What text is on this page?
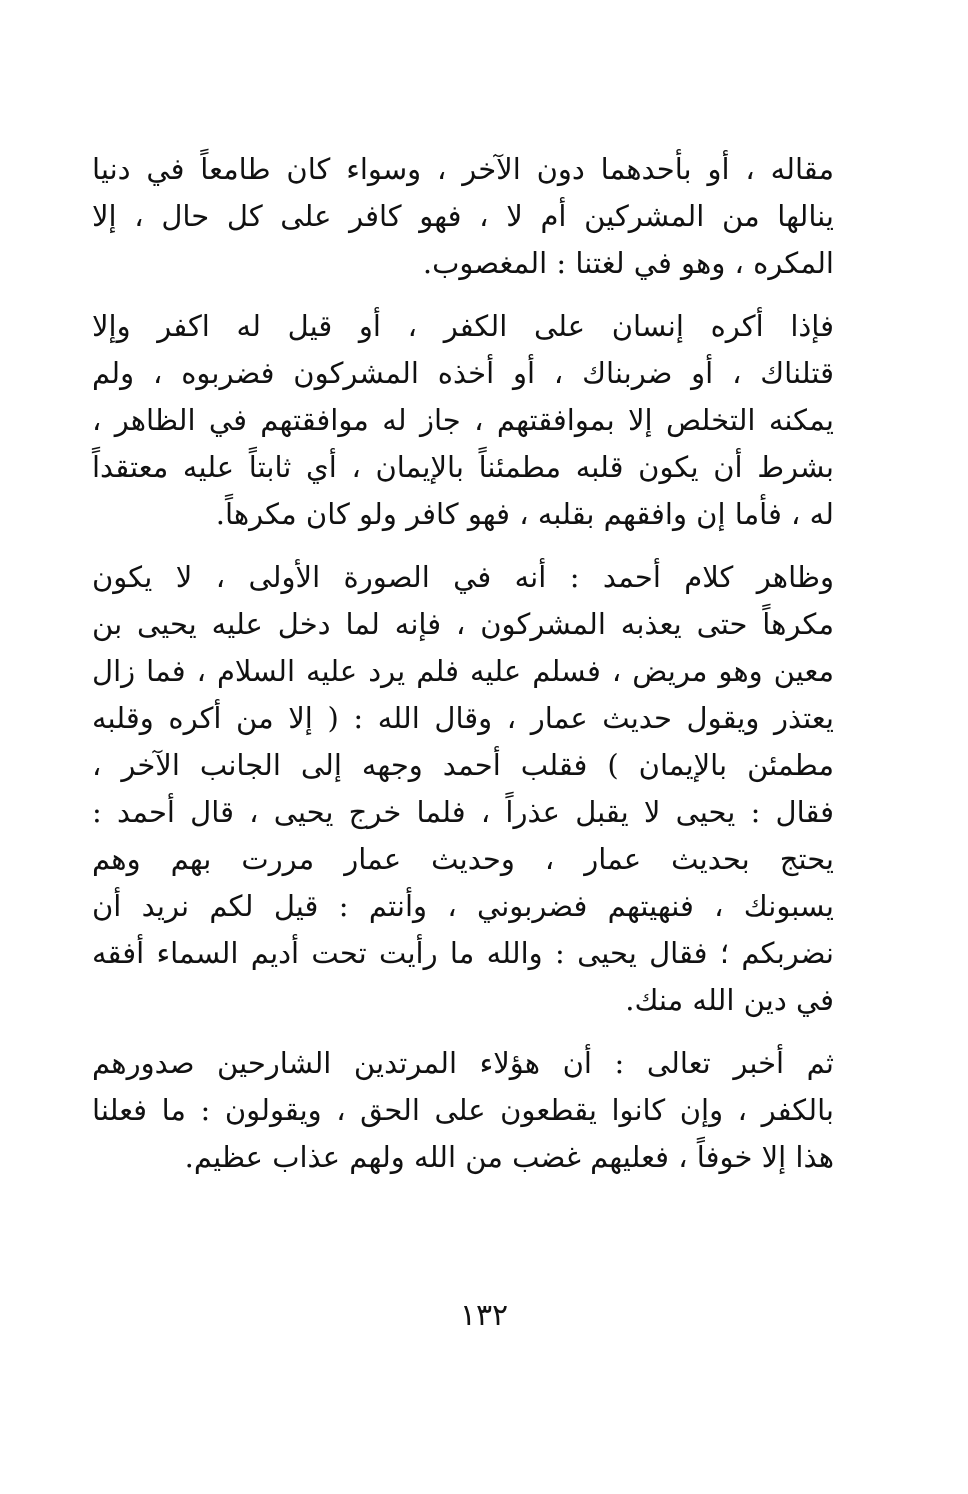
مقاله ، أو بأحدهما دون الآخر ، وسواء كان طامعاً في دنيا
ينالها من المشركين أم لا ، فهو كافر على كل حال ، إلا
المكره ، وهو في لغتنا : المغصوب.
فإذا أكره إنسان على الكفر ، أو قيل له اكفر وإلا
قتلناك ، أو ضربناك ، أو أخذه المشركون فضربوه ، ولم
يمكنه التخلص إلا بموافقتهم ، جاز له موافقتهم في الظاهر ،
بشرط أن يكون قلبه مطمئناً بالإيمان ، أي ثابتاً عليه معتقداً
له ، فأما إن وافقهم بقلبه ، فهو كافر ولو كان مكرهاً.
وظاهر كلام أحمد : أنه في الصورة الأولى ، لا يكون
مكرهاً حتى يعذبه المشركون ، فإنه لما دخل عليه يحيى بن
معين وهو مريض ، فسلم عليه فلم يرد عليه السلام ، فما زال
يعتذر ويقول حديث عمار ، وقال الله : ( إلا من أكره وقلبه
مطمئن بالإيمان ) فقلب أحمد وجهه إلى الجانب الآخر ،
فقال : يحيى لا يقبل عذراً ، فلما خرج يحيى ، قال أحمد :
يحتج بحديث عمار ، وحديث عمار مررت بهم وهم
يسبونك ، فنهيتهم فضربوني ، وأنتم : قيل لكم نريد أن
نضربكم ؛ فقال يحيى : والله ما رأيت تحت أديم السماء أفقه
في دين الله منك.
ثم أخبر تعالى : أن هؤلاء المرتدين الشارحين صدورهم
بالكفر ، وإن كانوا يقطعون على الحق ، ويقولون : ما فعلنا
هذا إلا خوفاً ، فعليهم غضب من الله ولهم عذاب عظيم.
١٣٢
